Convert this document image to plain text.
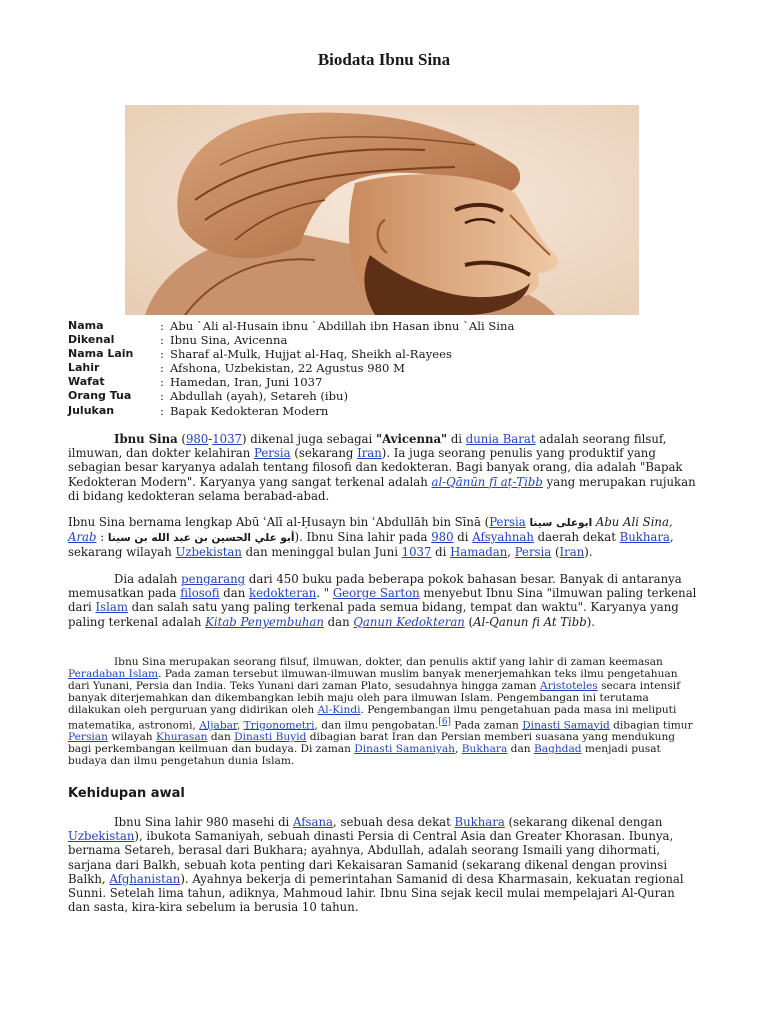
Biodata Ibnu Sina
Nama	: Abu `Ali al-Husain ibnu `Abdillah ibn Hasan ibnu `Ali Sina
Dikenal	: Ibnu Sina, Avicenna
Nama Lain	: Sharaf al-Mulk, Hujjat al-Haq, Sheikh al-Rayees
Lahir	: Afshona, Uzbekistan, 22 Agustus 980 M
Wafat	: Hamedan, Iran, Juni 1037
Orang Tua	: Abdullah (ayah), Setareh (ibu)
Julukan	: Bapak Kedokteran Modern

Ibnu Sina (980-1037) dikenal juga sebagai "Avicenna" di dunia Barat adalah seorang filsuf, ilmuwan, dan dokter kelahiran Persia (sekarang Iran). Ia juga seorang penulis yang produktif yang sebagian besar karyanya adalah tentang filosofi dan kedokteran. Bagi banyak orang, dia adalah "Bapak Kedokteran Modern". Karyanya yang sangat terkenal adalah al-Qānūn fī aṭ-Ṭibb yang merupakan rujukan di bidang kedokteran selama berabad-abad.

Ibnu Sina bernama lengkap Abū ʿAlī al-Ḥusayn bin ʿAbdullāh bin Sīnā (Persia ابوعلى سينا Abu Ali Sina, Arab : أبو علي الحسين بن عبد الله بن سينا). Ibnu Sina lahir pada 980 di Afsyahnah daerah dekat Bukhara, sekarang wilayah Uzbekistan dan meninggal bulan Juni 1037 di Hamadan, Persia (Iran).

Dia adalah pengarang dari 450 buku pada beberapa pokok bahasan besar. Banyak di antaranya memusatkan pada filosofi dan kedokteran. " George Sarton menyebut Ibnu Sina "ilmuwan paling terkenal dari Islam dan salah satu yang paling terkenal pada semua bidang, tempat dan waktu". Karyanya yang paling terkenal adalah Kitab Penyembuhan dan Qanun Kedokteran (Al-Qanun fi At Tibb).

Ibnu Sina merupakan seorang filsuf, ilmuwan, dokter, dan penulis aktif yang lahir di zaman keemasan Peradaban Islam. Pada zaman tersebut ilmuwan-ilmuwan muslim banyak menerjemahkan teks ilmu pengetahuan dari Yunani, Persia dan India. Teks Yunani dari zaman Plato, sesudahnya hingga zaman Aristoteles secara intensif banyak diterjemahkan dan dikembangkan lebih maju oleh para ilmuwan Islam. Pengembangan ini terutama dilakukan oleh perguruan yang didirikan oleh Al-Kindi. Pengembangan ilmu pengetahuan pada masa ini meliputi matematika, astronomi, Aljabar, Trigonometri, dan ilmu pengobatan.[6] Pada zaman Dinasti Samayid dibagian timur Persian wilayah Khurasan dan Dinasti Buyid dibagian barat Iran dan Persian memberi suasana yang mendukung bagi perkembangan keilmuan dan budaya. Di zaman Dinasti Samaniyah, Bukhara dan Baghdad menjadi pusat budaya dan ilmu pengetahun dunia Islam.

Kehidupan awal

Ibnu Sina lahir 980 masehi di Afsana, sebuah desa dekat Bukhara (sekarang dikenal dengan Uzbekistan), ibukota Samaniyah, sebuah dinasti Persia di Central Asia dan Greater Khorasan. Ibunya, bernama Setareh, berasal dari Bukhara; ayahnya, Abdullah, adalah seorang Ismaili yang dihormati, sarjana dari Balkh, sebuah kota penting dari Kekaisaran Samanid (sekarang dikenal dengan provinsi Balkh, Afghanistan). Ayahnya bekerja di pemerintahan Samanid di desa Kharmasain, kekuatan regional Sunni. Setelah lima tahun, adiknya, Mahmoud lahir. Ibnu Sina sejak kecil mulai mempelajari Al-Quran dan sasta, kira-kira sebelum ia berusia 10 tahun.
